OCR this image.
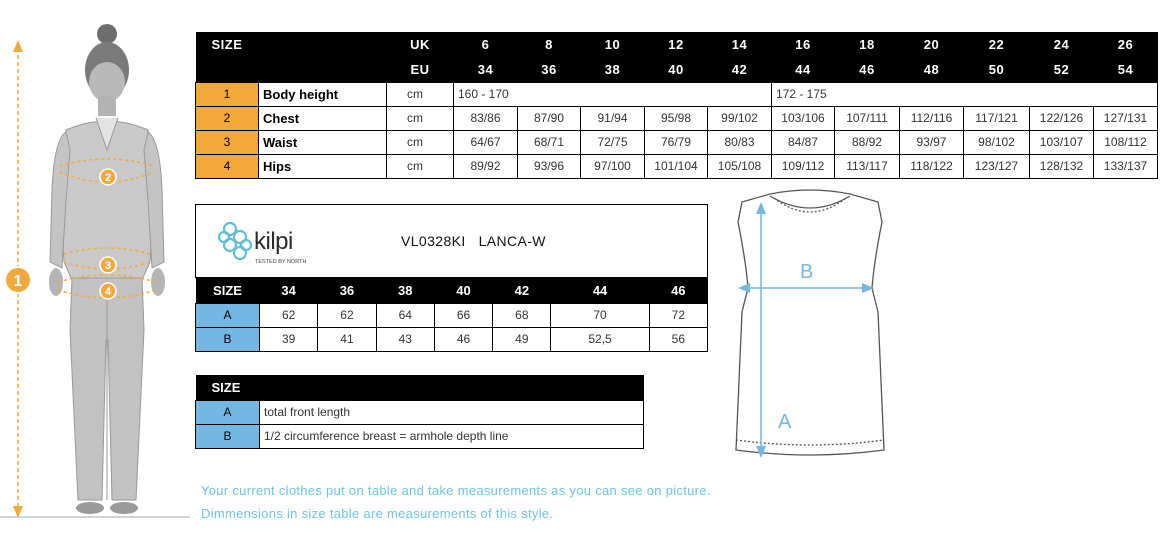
1
2
3
4
SIZE		UK	6	8	10	12	14	16	18	20	22	24	26
		EU	34	36	38	40	42	44	46	48	50	52	54
1	Body height	cm	160 - 170					172 - 175					
2	Chest	cm	83/86	87/90	91/94	95/98	99/102	103/106	107/111	112/116	117/121	122/126	127/131
3	Waist	cm	64/67	68/71	72/75	76/79	80/83	84/87	88/92	93/97	98/102	103/107	108/112
4	Hips	cm	89/92	93/96	97/100	101/104	105/108	109/112	113/117	118/122	123/127	128/132	133/137
kilpi
TESTED BY NORTH
VL0328KI   LANCA-W
SIZE	34	36	38	40	42	44	46
A	62	62	64	66	68	70	72
B	39	41	43	46	49	52,5	56
SIZE	
A	total front length
B	1/2 circumference breast = armhole depth line
A
B
Your current clothes put on table and take measurements as you can see on picture.
Dimmensions in size table are measurements of this style.
